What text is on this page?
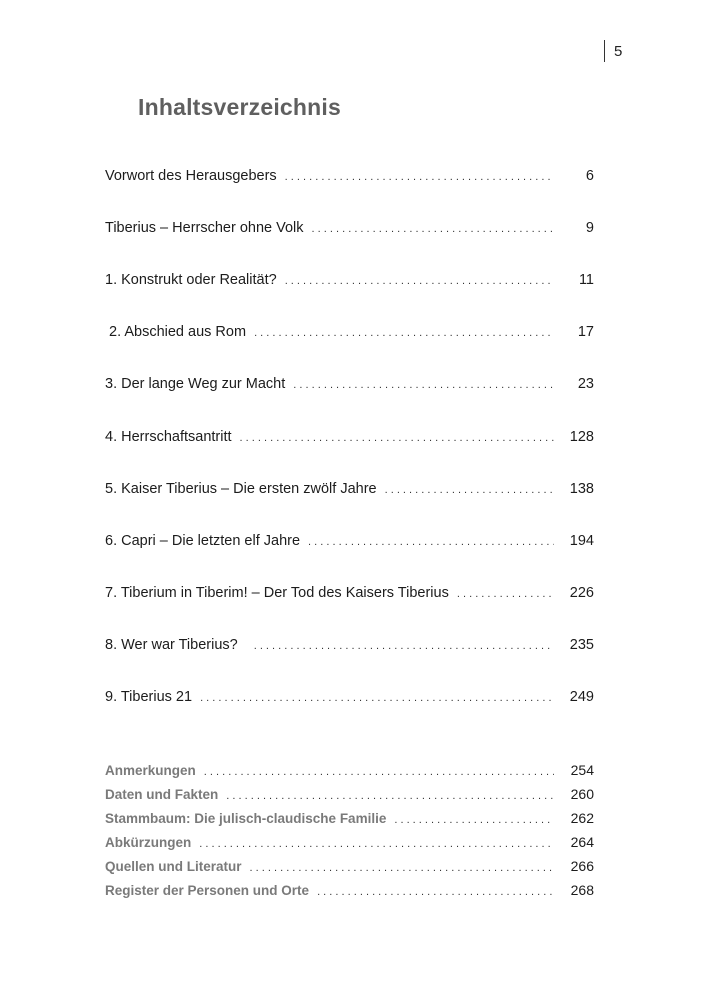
5
Inhaltsverzeichnis
Vorwort des Herausgebers . . .	6
Tiberius – Herrscher ohne Volk . . .	9
1. Konstrukt oder Realität? . . .	11
2. Abschied aus Rom . . .	17
3. Der lange Weg zur Macht . . .	23
4. Herrschaftsantritt . . .	128
5. Kaiser Tiberius – Die ersten zwölf Jahre . . .	138
6. Capri – Die letzten elf Jahre . . .	194
7. Tiberium in Tiberim! – Der Tod des Kaisers Tiberius . . .	226
8. Wer war Tiberius? . . .	235
9. Tiberius 21 . . .	249
Anmerkungen . . .	254
Daten und Fakten . . .	260
Stammbaum: Die julisch-claudische Familie . . .	262
Abkürzungen . . .	264
Quellen und Literatur . . .	266
Register der Personen und Orte . . .	268
